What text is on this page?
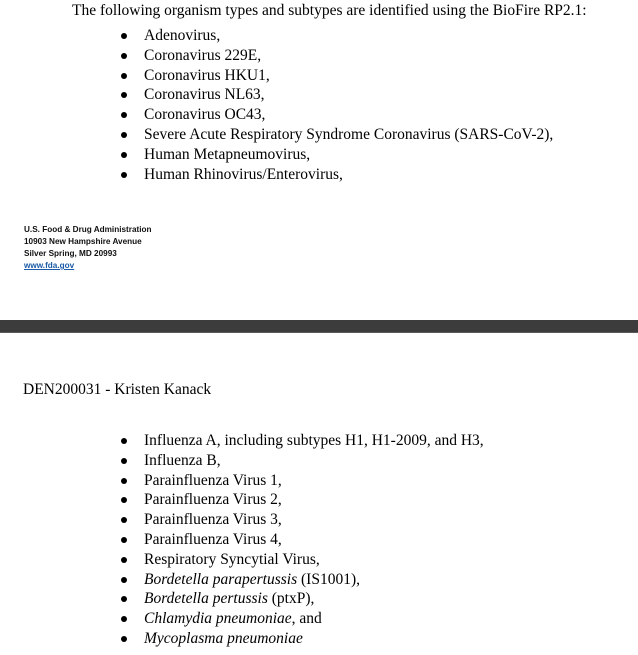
The following organism types and subtypes are identified using the BioFire RP2.1:
Adenovirus,
Coronavirus 229E,
Coronavirus HKU1,
Coronavirus NL63,
Coronavirus OC43,
Severe Acute Respiratory Syndrome Coronavirus (SARS-CoV-2),
Human Metapneumovirus,
Human Rhinovirus/Enterovirus,
U.S. Food & Drug Administration
10903 New Hampshire Avenue
Silver Spring, MD 20993
www.fda.gov
DEN200031 - Kristen Kanack
Influenza A, including subtypes H1, H1-2009, and H3,
Influenza B,
Parainfluenza Virus 1,
Parainfluenza Virus 2,
Parainfluenza Virus 3,
Parainfluenza Virus 4,
Respiratory Syncytial Virus,
Bordetella parapertussis (IS1001),
Bordetella pertussis (ptxP),
Chlamydia pneumoniae, and
Mycoplasma pneumoniae
